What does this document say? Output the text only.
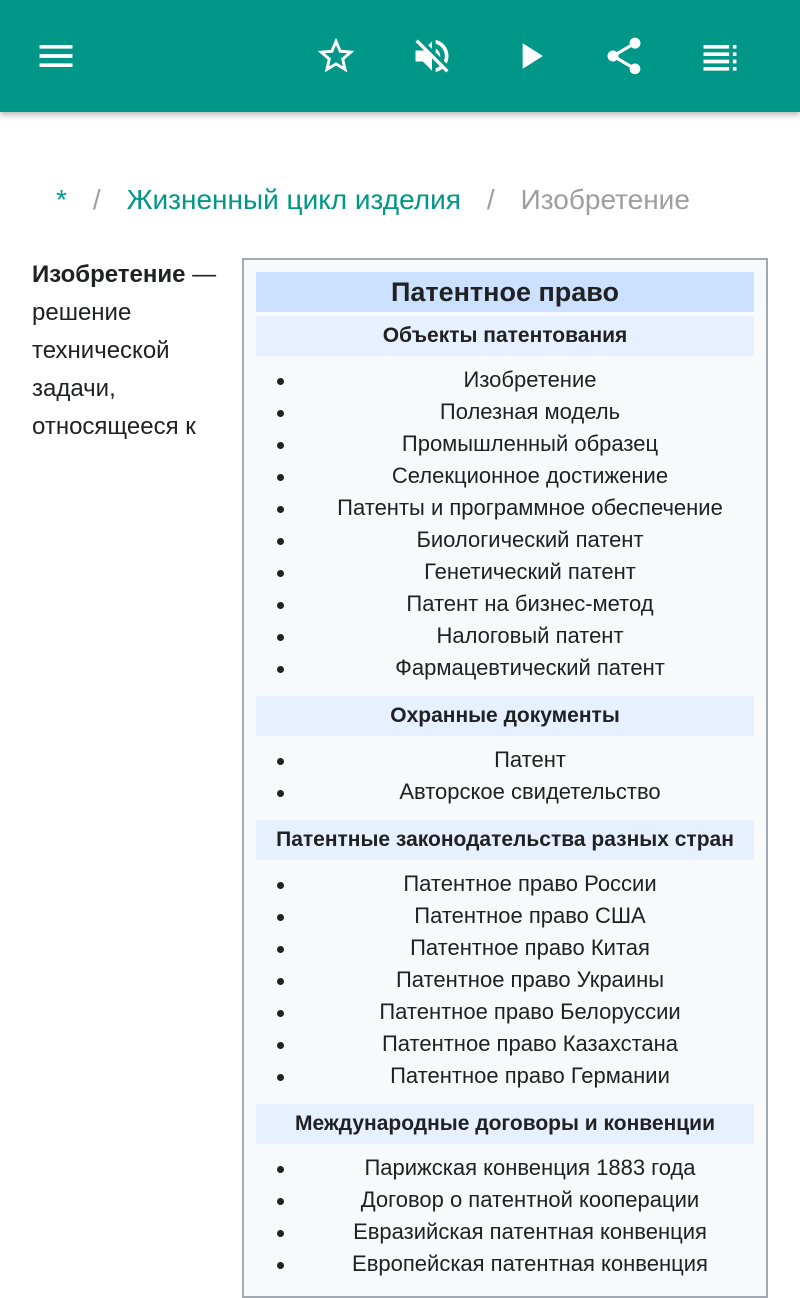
* / Жизненный цикл изделия / Изобретение
Изобретение — решение технической задачи, относящееся к
Патентное право
Объекты патентования
Изобретение
Полезная модель
Промышленный образец
Селекционное достижение
Патенты и программное обеспечение
Биологический патент
Генетический патент
Патент на бизнес-метод
Налоговый патент
Фармацевтический патент
Охранные документы
Патент
Авторское свидетельство
Патентные законодательства разных стран
Патентное право России
Патентное право США
Патентное право Китая
Патентное право Украины
Патентное право Белоруссии
Патентное право Казахстана
Патентное право Германии
Международные договоры и конвенции
Парижская конвенция 1883 года
Договор о патентной кооперации
Евразийская патентная конвенция
Европейская патентная конвенция
